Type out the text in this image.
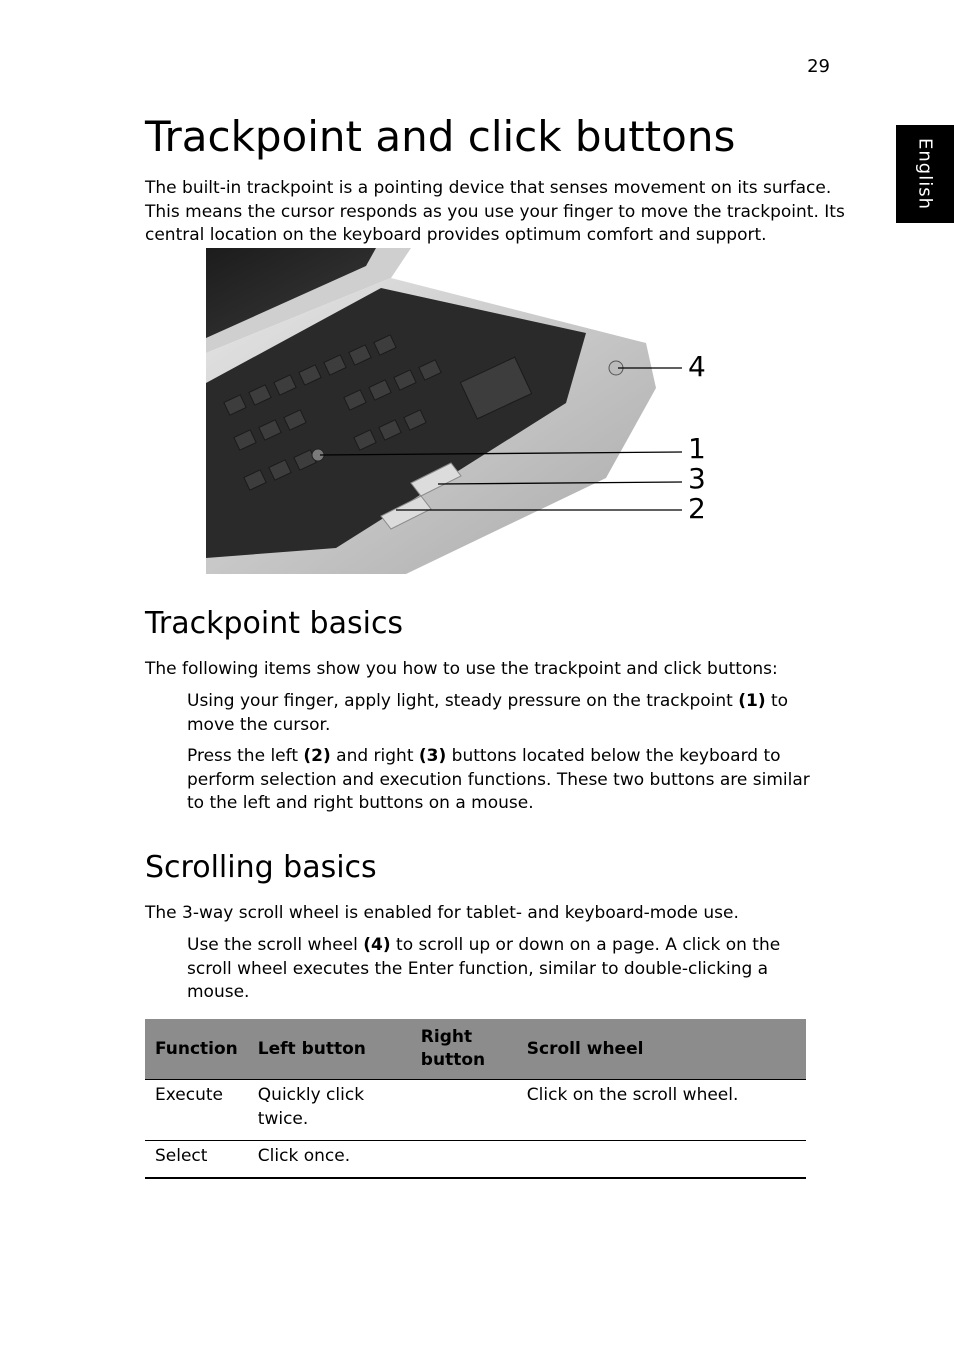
29
English
Trackpoint and click buttons

The built-in trackpoint is a pointing device that senses movement on its surface. This means the cursor responds as you use your finger to move the trackpoint. Its central location on the keyboard provides optimum comfort and support.

4
1
3
2
Trackpoint basics

The following items show you how to use the trackpoint and click buttons:

Using your finger, apply light, steady pressure on the trackpoint (1) to move the cursor.

Press the left (2) and right (3) buttons located below the keyboard to perform selection and execution functions. These two buttons are similar to the left and right buttons on a mouse.

Scrolling basics

The 3-way scroll wheel is enabled for tablet- and keyboard-mode use.

Use the scroll wheel (4) to scroll up or down on a page. A click on the scroll wheel executes the Enter function, similar to double-clicking a mouse.

Function	Left button	Right button	Scroll wheel
Execute	Quickly click twice.		Click on the scroll wheel.
Select	Click once.		
